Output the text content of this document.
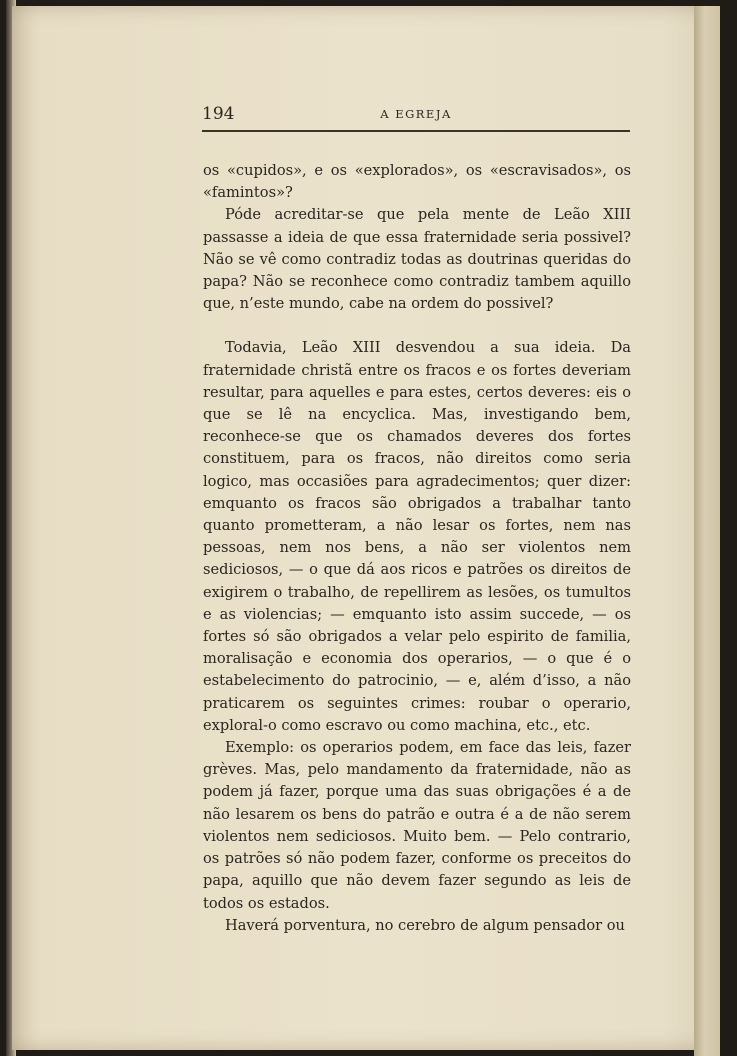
194	A EGREJA

os «cupidos», e os «explorados», os «escravisados», os «famintos»?

Póde acreditar-se que pela mente de Leão XIII passasse a ideia de que essa fraternidade seria possivel? Não se vê como contradiz todas as doutrinas queridas do papa? Não se reconhece como contradiz tambem aquillo que, n’este mundo, cabe na ordem do possivel?

Todavia, Leão XIII desvendou a sua ideia. Da fraternidade christã entre os fracos e os fortes deveriam resultar, para aquelles e para estes, certos deveres: eis o que se lê na encyclica. Mas, investigando bem, reconhece-se que os chamados deveres dos fortes constituem, para os fracos, não direitos como seria logico, mas occasiões para agradecimentos; quer dizer: emquanto os fracos são obrigados a trabalhar tanto quanto prometteram, a não lesar os fortes, nem nas pessoas, nem nos bens, a não ser violentos nem sediciosos, — o que dá aos ricos e patrões os direitos de exigirem o trabalho, de repellirem as lesões, os tumultos e as violencias; — emquanto isto assim succede, — os fortes só são obrigados a velar pelo espirito de familia, moralisação e economia dos operarios, — o que é o estabelecimento do patrocinio, — e, além d’isso, a não praticarem os seguintes crimes: roubar o operario, exploral-o como escravo ou como machina, etc., etc.

Exemplo: os operarios podem, em face das leis, fazer grèves. Mas, pelo mandamento da fraternidade, não as podem já fazer, porque uma das suas obrigações é a de não lesarem os bens do patrão e outra é a de não serem violentos nem sediciosos. Muito bem. — Pelo contrario, os patrões só não podem fazer, conforme os preceitos do papa, aquillo que não devem fazer segundo as leis de todos os estados.

Haverá porventura, no cerebro de algum pensador ou
